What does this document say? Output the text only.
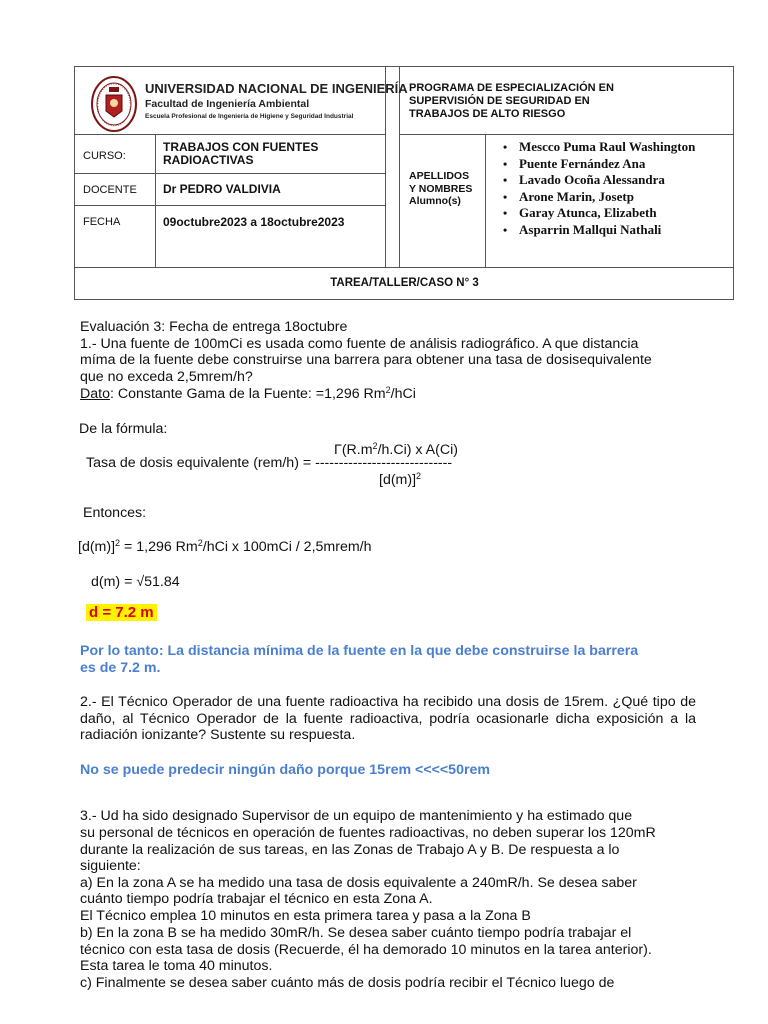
UNIVERSIDAD NACIONAL DE INGENIERÍA
Facultad de Ingeniería Ambiental
Escuela Profesional de Ingeniería de Higiene y Seguridad Industrial
PROGRAMA DE ESPECIALIZACIÓN EN
SUPERVISIÓN DE SEGURIDAD EN
TRABAJOS DE ALTO RIESGO
CURSO:
TRABAJOS CON FUENTES
RADIOACTIVAS
DOCENTE Dr PEDRO VALDIVIA
FECHA	09octubre2023 a 18octubre2023
APELLIDOS
Y NOMBRES
Alumno(s)
• Mescco Puma Raul Washington
• Puente Fernández Ana
• Lavado Ocoña Alessandra
• Arone Marin, Josetp
• Garay Atunca, Elizabeth
• Asparrin Mallqui Nathali
TAREA/TALLER/CASO N° 3
Evaluación 3: Fecha de entrega 18octubre
1.- Una fuente de 100mCi es usada como fuente de análisis radiográfico. A que distancia
míma de la fuente debe construirse una barrera para obtener una tasa de dosisequivalente
que no exceda 2,5mrem/h?
Dato: Constante Gama de la Fuente: =1,296 Rm$^2$/hCi
De la fórmula:
$\Gamma(R.m^2/h.Ci)$ x A(Ci)
Tasa de dosis equivalente (rem/h) = -----------------------------
$[d(m)]^2$
Entonces:
$[d(m)]^2 = 1,296$ Rm$^2$/hCi x 100mCi / 2,5mrem/h
d(m) = √51.84
d = 7.2 m
Por lo tanto: La distancia mínima de la fuente en la que debe construirse la barrera
es de 7.2 m.
2.- El Técnico Operador de una fuente radioactiva ha recibido una dosis de 15rem. ¿Qué tipo de daño, al Técnico Operador de la fuente radioactiva, podría ocasionarle dicha exposición a la radiación ionizante? Sustente su respuesta.
No se puede predecir ningún daño porque 15rem <<<<50rem
3.- Ud ha sido designado Supervisor de un equipo de mantenimiento y ha estimado que
su personal de técnicos en operación de fuentes radioactivas, no deben superar los 120mR
durante la realización de sus tareas, en las Zonas de Trabajo A y B. De respuesta a lo
siguiente:
a) En la zona A se ha medido una tasa de dosis equivalente a 240mR/h. Se desea saber
cuánto tiempo podría trabajar el técnico en esta Zona A.
El Técnico emplea 10 minutos en esta primera tarea y pasa a la Zona B
b) En la zona B se ha medido 30mR/h. Se desea saber cuánto tiempo podría trabajar el
técnico con esta tasa de dosis (Recuerde, él ha demorado 10 minutos en la tarea anterior).
Esta tarea le toma 40 minutos.
c) Finalmente se desea saber cuánto más de dosis podría recibir el Técnico luego de
